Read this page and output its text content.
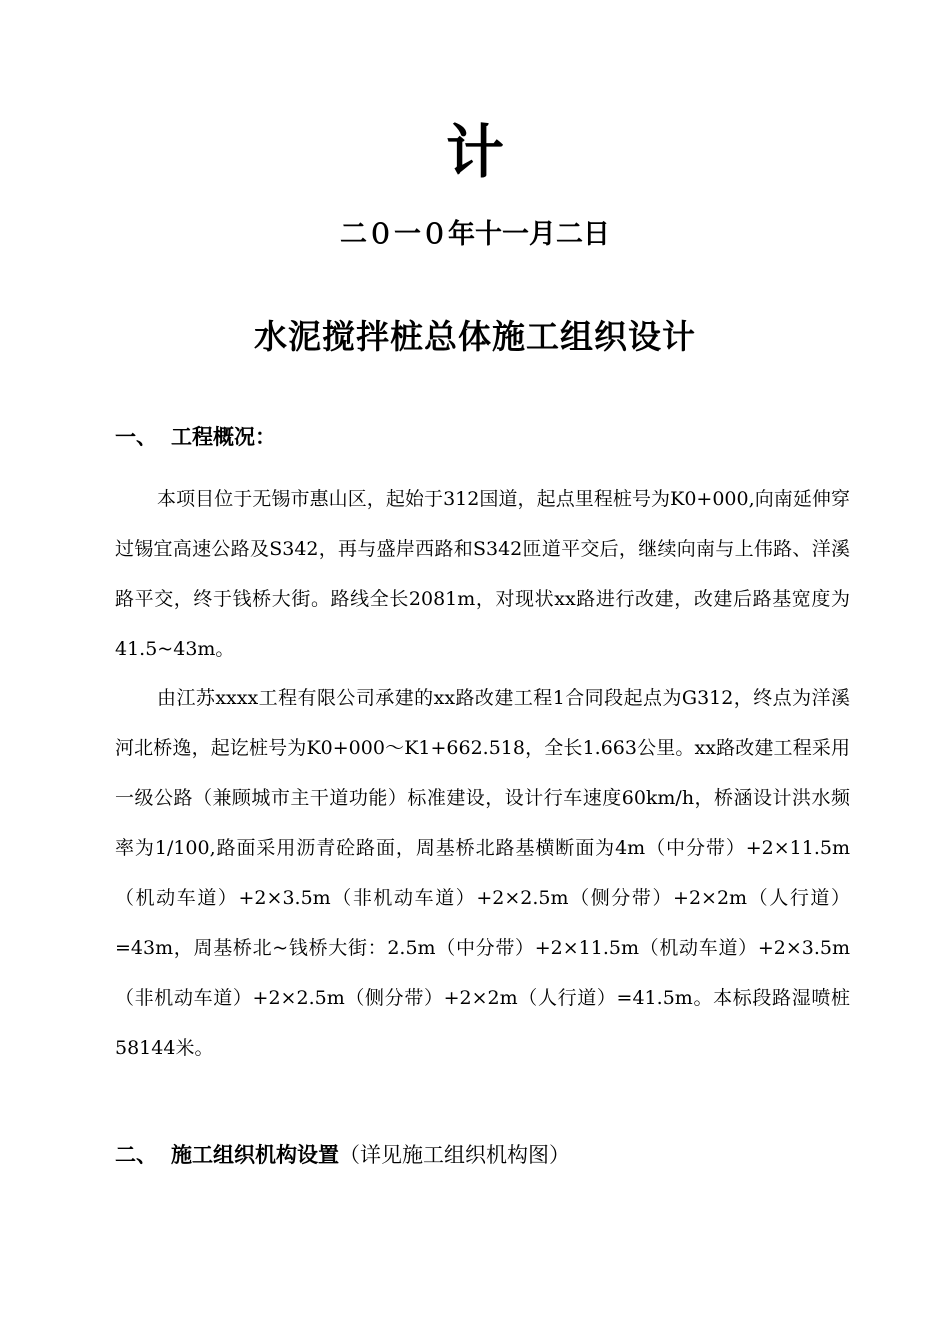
计
二０一０年十一月二日
水泥搅拌桩总体施工组织设计
一、 工程概况：

本项目位于无锡市惠山区，起始于312国道，起点里程桩号为K0+000,向南延伸穿过锡宜高速公路及S342，再与盛岸西路和S342匝道平交后，继续向南与上伟路、洋溪路平交，终于钱桥大街。路线全长2081m，对现状xx路进行改建，改建后路基宽度为41.5~43m。

由江苏xxxx工程有限公司承建的xx路改建工程1合同段起点为G312，终点为洋溪河北桥逸，起讫桩号为K0+000～K1+662.518，全长1.663公里。xx路改建工程采用一级公路（兼顾城市主干道功能）标准建设，设计行车速度60km/h，桥涵设计洪水频率为1/100,路面采用沥青砼路面，周基桥北路基横断面为4m（中分带）+2×11.5m（机动车道）+2×3.5m（非机动车道）+2×2.5m（侧分带）+2×2m（人行道）=43m，周基桥北~钱桥大街：2.5m（中分带）+2×11.5m（机动车道）+2×3.5m（非机动车道）+2×2.5m（侧分带）+2×2m（人行道）=41.5m。本标段路湿喷桩58144米。

二、 施工组织机构设置（详见施工组织机构图）
